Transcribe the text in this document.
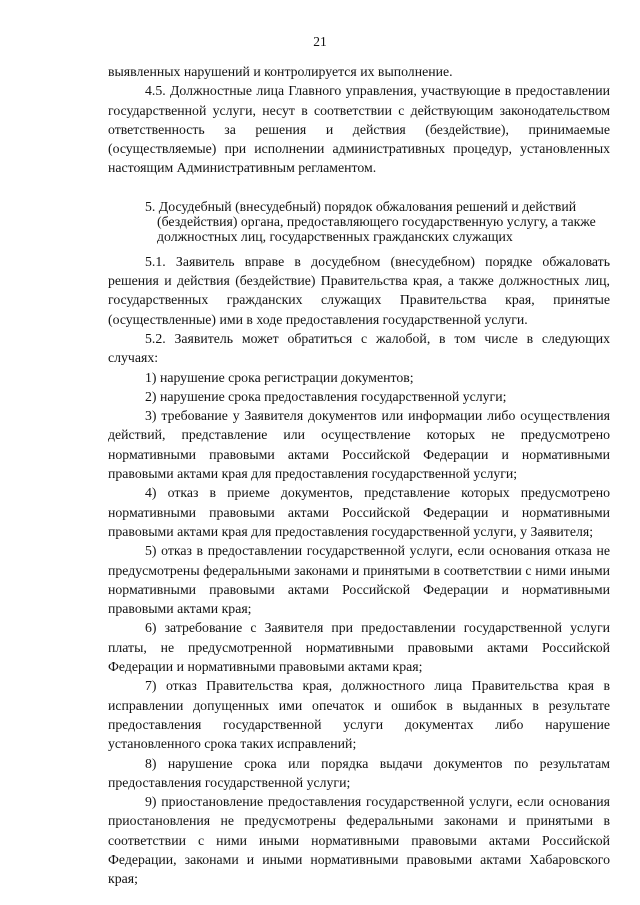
21

выявленных нарушений и контролируется их выполнение.

4.5. Должностные лица Главного управления, участвующие в предоставлении государственной услуги, несут в соответствии с действующим законодательством ответственность за решения и действия (бездействие), принимаемые (осуществляемые) при исполнении административных процедур, установленных настоящим Административным регламентом.

5. Досудебный (внесудебный) порядок обжалования решений и действий
(бездействия) органа, предоставляющего государственную услугу, а также должностных лиц, государственных гражданских служащих

5.1. Заявитель вправе в досудебном (внесудебном) порядке обжаловать решения и действия (бездействие) Правительства края, а также должностных лиц, государственных гражданских служащих Правительства края, принятые (осуществленные) ими в ходе предоставления государственной услуги.

5.2. Заявитель может обратиться с жалобой, в том числе в следующих случаях:

1) нарушение срока регистрации документов;

2) нарушение срока предоставления государственной услуги;

3) требование у Заявителя документов или информации либо осуществления действий, представление или осуществление которых не предусмотрено нормативными правовыми актами Российской Федерации и нормативными правовыми актами края для предоставления государственной услуги;

4) отказ в приеме документов, представление которых предусмотрено нормативными правовыми актами Российской Федерации и нормативными правовыми актами края для предоставления государственной услуги, у Заявителя;

5) отказ в предоставлении государственной услуги, если основания отказа не предусмотрены федеральными законами и принятыми в соответствии с ними иными нормативными правовыми актами Российской Федерации и нормативными правовыми актами края;

6) затребование с Заявителя при предоставлении государственной услуги платы, не предусмотренной нормативными правовыми актами Российской Федерации и нормативными правовыми актами края;

7) отказ Правительства края, должностного лица Правительства края в исправлении допущенных ими опечаток и ошибок в выданных в результате предоставления государственной услуги документах либо нарушение установленного срока таких исправлений;

8) нарушение срока или порядка выдачи документов по результатам предоставления государственной услуги;

9) приостановление предоставления государственной услуги, если основания приостановления не предусмотрены федеральными законами и принятыми в соответствии с ними иными нормативными правовыми актами Российской Федерации, законами и иными нормативными правовыми актами Хабаровского края;
